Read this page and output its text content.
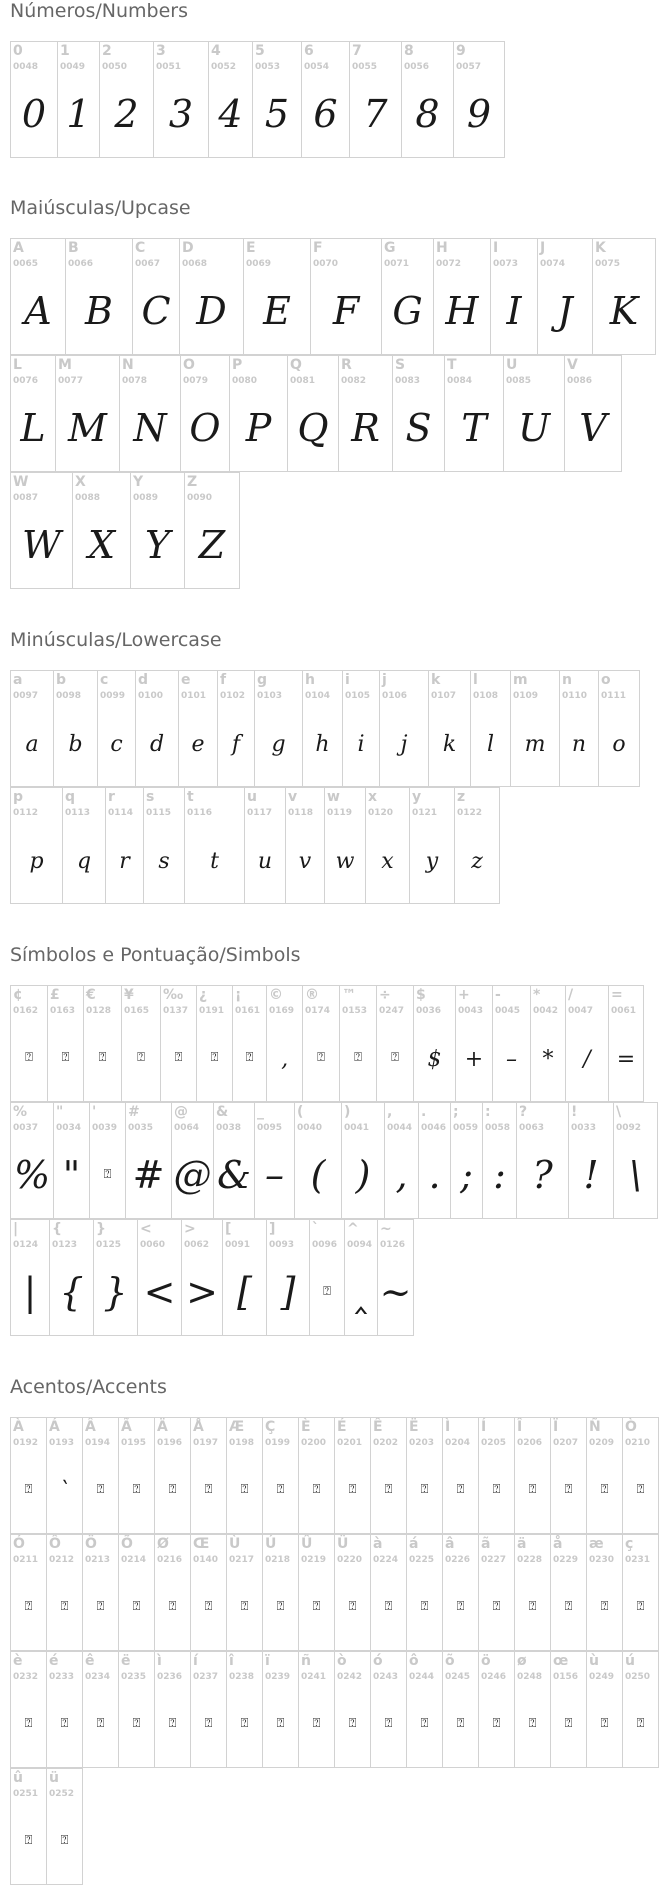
Números/Numbers
0
0048
0
1
0049
1
2
0050
2
3
0051
3
4
0052
4
5
0053
5
6
0054
6
7
0055
7
8
0056
8
9
0057
9
Maiúsculas/Upcase
A
0065
A
B
0066
B
C
0067
C
D
0068
D
E
0069
E
F
0070
F
G
0071
G
H
0072
H
I
0073
I
J
0074
J
K
0075
K
L
0076
L
M
0077
M
N
0078
N
O
0079
O
P
0080
P
Q
0081
Q
R
0082
R
S
0083
S
T
0084
T
U
0085
U
V
0086
V
W
0087
W
X
0088
X
Y
0089
Y
Z
0090
Z
Minúsculas/Lowercase
a
0097
a
b
0098
b
c
0099
c
d
0100
d
e
0101
e
f
0102
f
g
0103
g
h
0104
h
i
0105
i
j
0106
j
k
0107
k
l
0108
l
m
0109
m
n
0110
n
o
0111
o
p
0112
p
q
0113
q
r
0114
r
s
0115
s
t
0116
t
u
0117
u
v
0118
v
w
0119
w
x
0120
x
y
0121
y
z
0122
z
Símbolos e Pontuação/Simbols
¢
0162
⍰
£
0163
⍰
€
0128
⍰
¥
0165
⍰
‰
0137
⍰
¿
0191
⍰
¡
0161
⍰
©
0169
‚
®
0174
⍰
™
0153
⍰
÷
0247
⍰
$
0036
$
+
0043
+
-
0045
–
*
0042
*
/
0047
/
=
0061
=
%
0037
%
"
0034
"
'
0039
⍰
#
0035
#
@
0064
@
&
0038
&
_
0095
–
(
0040
(
)
0041
)
,
0044
,
.
0046
.
;
0059
;
:
0058
:
?
0063
?
!
0033
!
\
0092
\
|
0124
|
{
0123
{
}
0125
}
<
0060
<
>
0062
>
[
0091
[
]
0093
]
`
0096
⍰
^
0094
‸
~
0126
~
Acentos/Accents
À
0192
⍰
Á
0193
`
Â
0194
⍰
Ã
0195
⍰
Ä
0196
⍰
Å
0197
⍰
Æ
0198
⍰
Ç
0199
⍰
È
0200
⍰
É
0201
⍰
Ê
0202
⍰
Ë
0203
⍰
Ì
0204
⍰
Í
0205
⍰
Î
0206
⍰
Ï
0207
⍰
Ñ
0209
⍰
Ò
0210
⍰
Ó
0211
⍰
Ô
0212
⍰
Ö
0213
⍰
Õ
0214
⍰
Ø
0216
⍰
Œ
0140
⍰
Ù
0217
⍰
Ú
0218
⍰
Û
0219
⍰
Ü
0220
⍰
à
0224
⍰
á
0225
⍰
â
0226
⍰
ã
0227
⍰
ä
0228
⍰
å
0229
⍰
æ
0230
⍰
ç
0231
⍰
è
0232
⍰
é
0233
⍰
ê
0234
⍰
ë
0235
⍰
ì
0236
⍰
í
0237
⍰
î
0238
⍰
ï
0239
⍰
ñ
0241
⍰
ò
0242
⍰
ó
0243
⍰
ô
0244
⍰
õ
0245
⍰
ö
0246
⍰
ø
0248
⍰
œ
0156
⍰
ù
0249
⍰
ú
0250
⍰
û
0251
⍰
ü
0252
⍰
